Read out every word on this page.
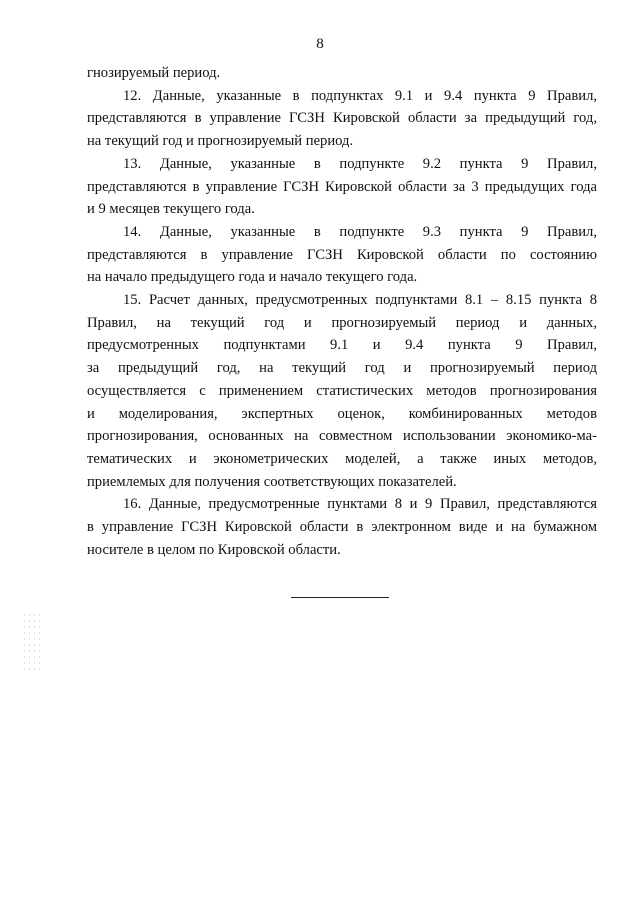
8
гнозируемый период.
12. Данные, указанные в подпунктах 9.1 и 9.4 пункта 9 Правил,
представляются в управление ГСЗН Кировской области за предыдущий год,
на текущий год и прогнозируемый период.
13. Данные, указанные в подпункте 9.2 пункта 9 Правил,
представляются в управление ГСЗН Кировской области за 3 предыдущих года
и 9 месяцев текущего года.
14. Данные, указанные в подпункте 9.3 пункта 9 Правил,
представляются в управление ГСЗН Кировской области по состоянию
на начало предыдущего года и начало текущего года.
15. Расчет данных, предусмотренных подпунктами 8.1 – 8.15 пункта 8
Правил, на текущий год и прогнозируемый период и данных,
предусмотренных подпунктами 9.1 и 9.4 пункта 9 Правил,
за предыдущий год, на текущий год и прогнозируемый период
осуществляется с применением статистических методов прогнозирования
и моделирования, экспертных оценок, комбинированных методов
прогнозирования, основанных на совместном использовании экономико-ма-
тематических и эконометрических моделей, а также иных методов,
приемлемых для получения соответствующих показателей.
16. Данные, предусмотренные пунктами 8 и 9 Правил, представляются
в управление ГСЗН Кировской области в электронном виде и на бумажном
носителе в целом по Кировской области.
